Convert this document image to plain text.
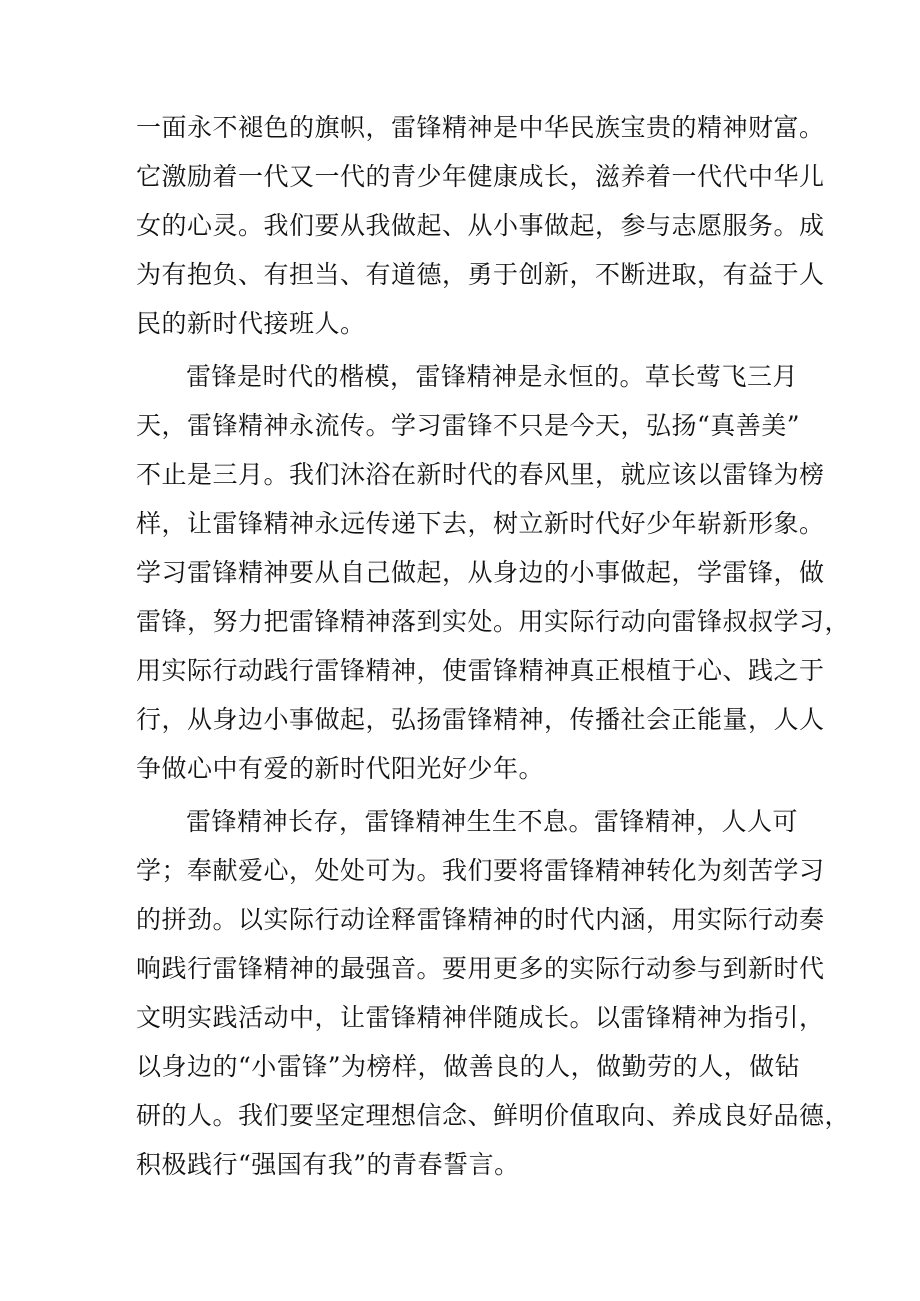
一面永不褪色的旗帜，雷锋精神是中华民族宝贵的精神财富。
它激励着一代又一代的青少年健康成长，滋养着一代代中华儿
女的心灵。我们要从我做起、从小事做起，参与志愿服务。成
为有抱负、有担当、有道德，勇于创新，不断进取，有益于人
民的新时代接班人。
雷锋是时代的楷模，雷锋精神是永恒的。草长莺飞三月
天，雷锋精神永流传。学习雷锋不只是今天，弘扬“真善美”
不止是三月。我们沐浴在新时代的春风里，就应该以雷锋为榜
样，让雷锋精神永远传递下去，树立新时代好少年崭新形象。
学习雷锋精神要从自己做起，从身边的小事做起，学雷锋，做
雷锋，努力把雷锋精神落到实处。用实际行动向雷锋叔叔学习，
用实际行动践行雷锋精神，使雷锋精神真正根植于心、践之于
行，从身边小事做起，弘扬雷锋精神，传播社会正能量，人人
争做心中有爱的新时代阳光好少年。
雷锋精神长存，雷锋精神生生不息。雷锋精神，人人可
学；奉献爱心，处处可为。我们要将雷锋精神转化为刻苦学习
的拼劲。以实际行动诠释雷锋精神的时代内涵，用实际行动奏
响践行雷锋精神的最强音。要用更多的实际行动参与到新时代
文明实践活动中，让雷锋精神伴随成长。以雷锋精神为指引，
以身边的“小雷锋”为榜样，做善良的人，做勤劳的人，做钻
研的人。我们要坚定理想信念、鲜明价值取向、养成良好品德，
积极践行“强国有我”的青春誓言。
